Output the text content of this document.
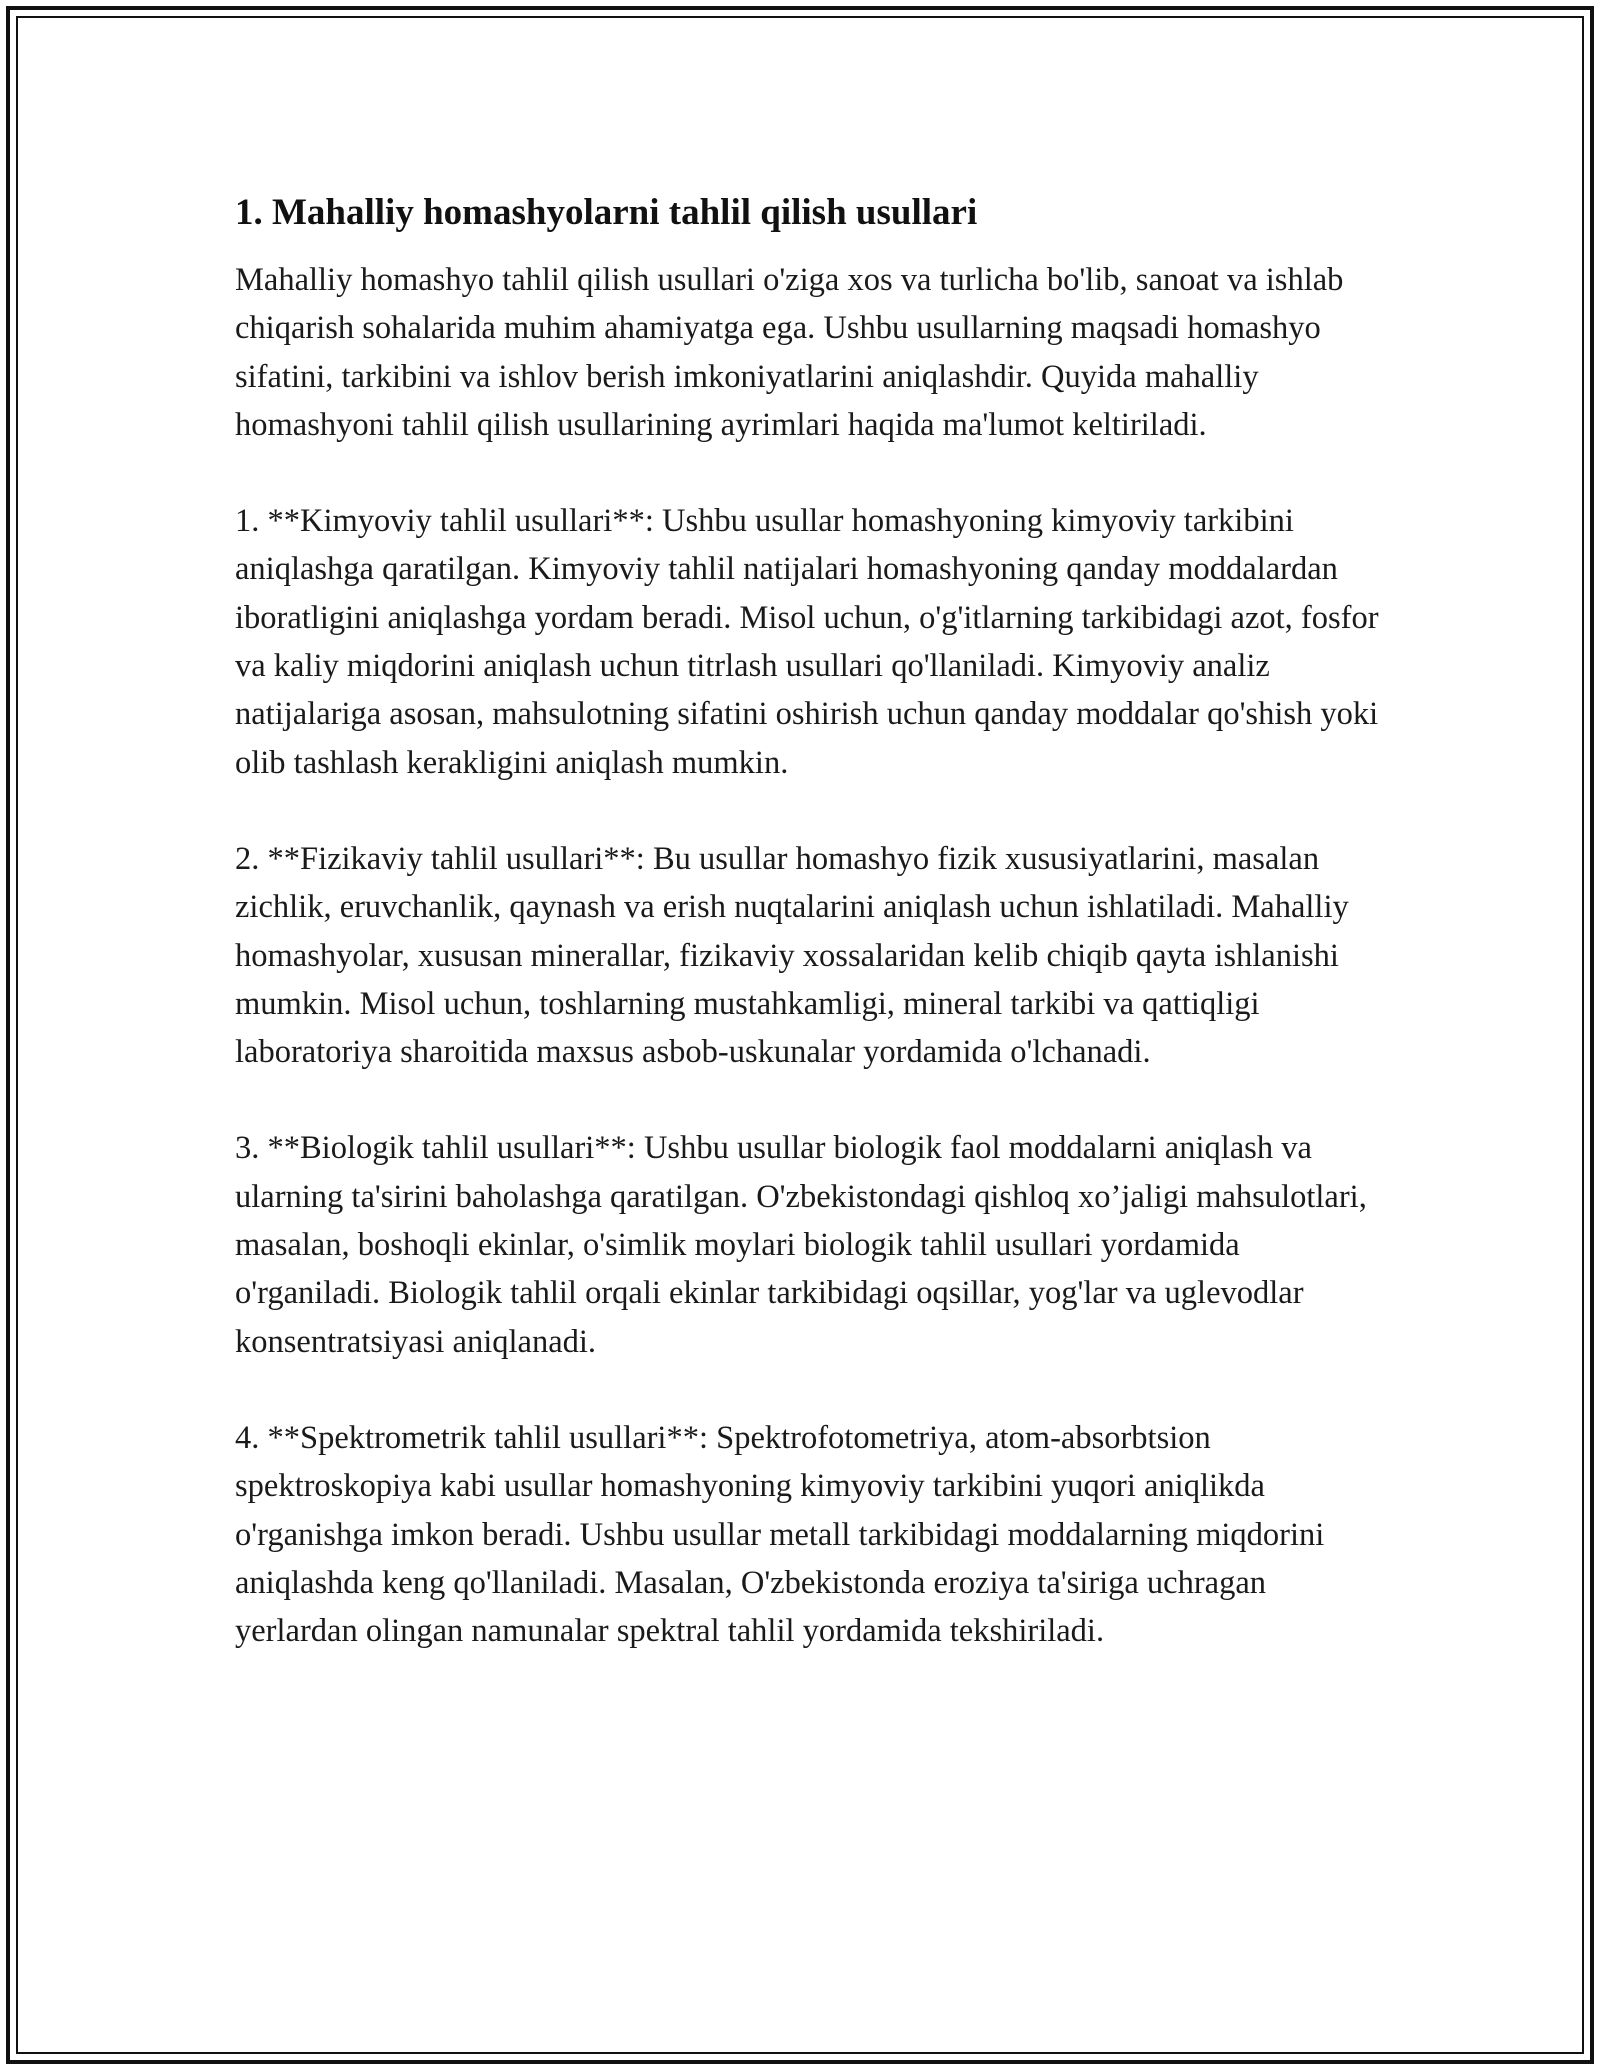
1. Mahalliy homashyolarni tahlil qilish usullari

Mahalliy homashyo tahlil qilish usullari o'ziga xos va turlicha bo'lib, sanoat va ishlab chiqarish sohalarida muhim ahamiyatga ega. Ushbu usullarning maqsadi homashyo sifatini, tarkibini va ishlov berish imkoniyatlarini aniqlashdir. Quyida mahalliy homashyoni tahlil qilish usullarining ayrimlari haqida ma'lumot keltiriladi.

1. **Kimyoviy tahlil usullari**: Ushbu usullar homashyoning kimyoviy tarkibini aniqlashga qaratilgan. Kimyoviy tahlil natijalari homashyoning qanday moddalardan iboratligini aniqlashga yordam beradi. Misol uchun, o'g'itlarning tarkibidagi azot, fosfor va kaliy miqdorini aniqlash uchun titrlash usullari qo'llaniladi. Kimyoviy analiz natijalariga asosan, mahsulotning sifatini oshirish uchun qanday moddalar qo'shish yoki olib tashlash kerakligini aniqlash mumkin.

2. **Fizikaviy tahlil usullari**: Bu usullar homashyo fizik xususiyatlarini, masalan zichlik, eruvchanlik, qaynash va erish nuqtalarini aniqlash uchun ishlatiladi. Mahalliy homashyolar, xususan minerallar, fizikaviy xossalaridan kelib chiqib qayta ishlanishi mumkin. Misol uchun, toshlarning mustahkamligi, mineral tarkibi va qattiqligi laboratoriya sharoitida maxsus asbob-uskunalar yordamida o'lchanadi.

3. **Biologik tahlil usullari**: Ushbu usullar biologik faol moddalarni aniqlash va ularning ta'sirini baholashga qaratilgan. O'zbekistondagi qishloq xo’jaligi mahsulotlari, masalan, boshoqli ekinlar, o'simlik moylari biologik tahlil usullari yordamida o'rganiladi. Biologik tahlil orqali ekinlar tarkibidagi oqsillar, yog'lar va uglevodlar konsentratsiyasi aniqlanadi.

4. **Spektrometrik tahlil usullari**: Spektrofotometriya, atom-absorbtsion spektroskopiya kabi usullar homashyoning kimyoviy tarkibini yuqori aniqlikda o'rganishga imkon beradi. Ushbu usullar metall tarkibidagi moddalarning miqdorini aniqlashda keng qo'llaniladi. Masalan, O'zbekistonda eroziya ta'siriga uchragan yerlardan olingan namunalar spektral tahlil yordamida tekshiriladi.
